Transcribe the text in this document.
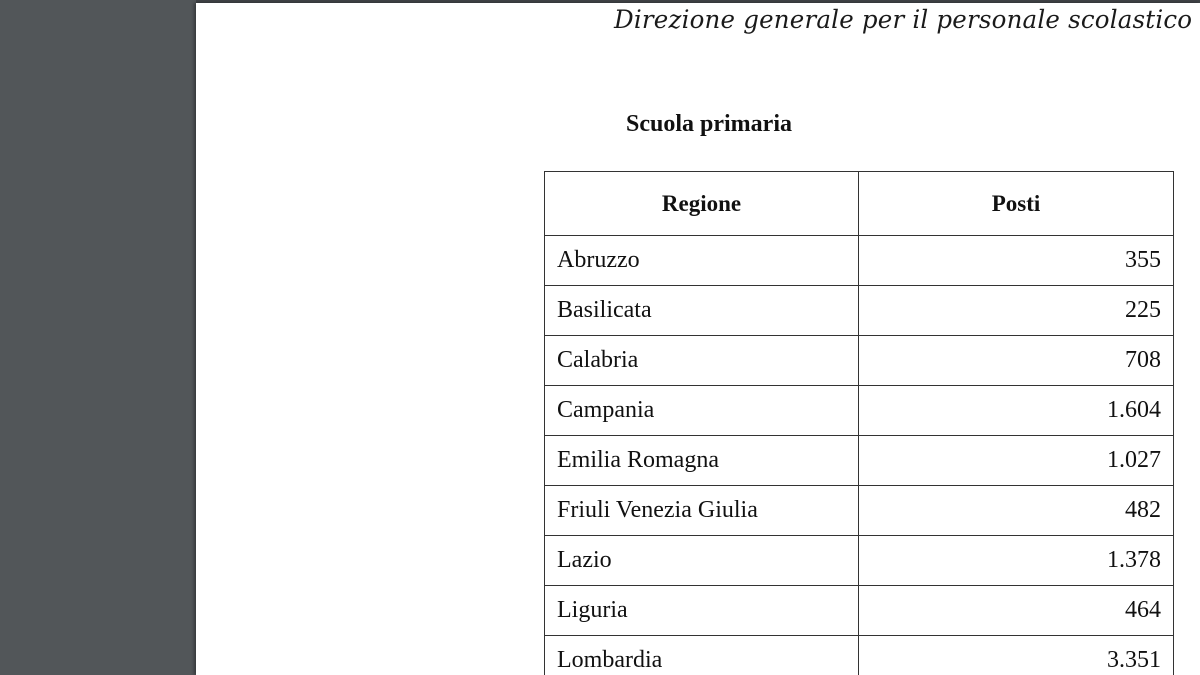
Direzione generale per il personale scolastico
Scuola primaria
Regione	Posti
Abruzzo	355
Basilicata	225
Calabria	708
Campania	1.604
Emilia Romagna	1.027
Friuli Venezia Giulia	482
Lazio	1.378
Liguria	464
Lombardia	3.351
